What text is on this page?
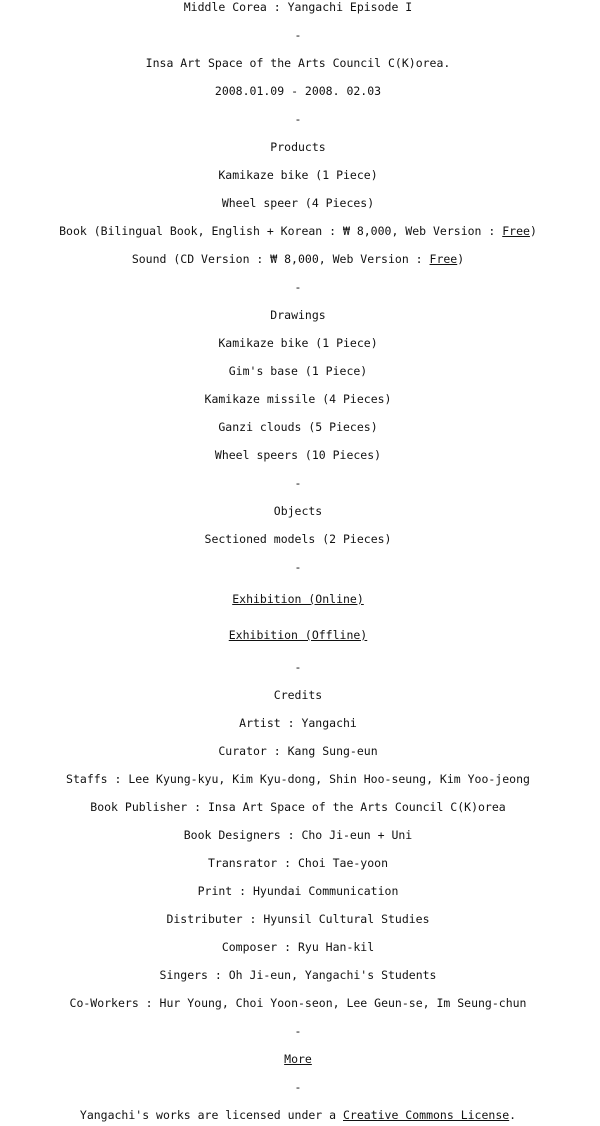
Middle Corea : Yangachi Episode I
-
Insa Art Space of the Arts Council C(K)orea.
2008.01.09 - 2008. 02.03
-
Products
Kamikaze bike (1 Piece)
Wheel speer (4 Pieces)
Book (Bilingual Book, English + Korean : ₩ 8,000, Web Version : Free)
Sound (CD Version : ₩ 8,000, Web Version : Free)
-
Drawings
Kamikaze bike (1 Piece)
Gim's base (1 Piece)
Kamikaze missile (4 Pieces)
Ganzi clouds (5 Pieces)
Wheel speers (10 Pieces)
-
Objects
Sectioned models (2 Pieces)
-
Exhibition (Online)
Exhibition (Offline)
-
Credits
Artist : Yangachi
Curator : Kang Sung-eun
Staffs : Lee Kyung-kyu, Kim Kyu-dong, Shin Hoo-seung, Kim Yoo-jeong
Book Publisher : Insa Art Space of the Arts Council C(K)orea
Book Designers : Cho Ji-eun + Uni
Transrator : Choi Tae-yoon
Print : Hyundai Communication
Distributer : Hyunsil Cultural Studies
Composer : Ryu Han-kil
Singers : Oh Ji-eun, Yangachi's Students
Co-Workers : Hur Young, Choi Yoon-seon, Lee Geun-se, Im Seung-chun
-
More
-
Yangachi's works are licensed under a Creative Commons License.
